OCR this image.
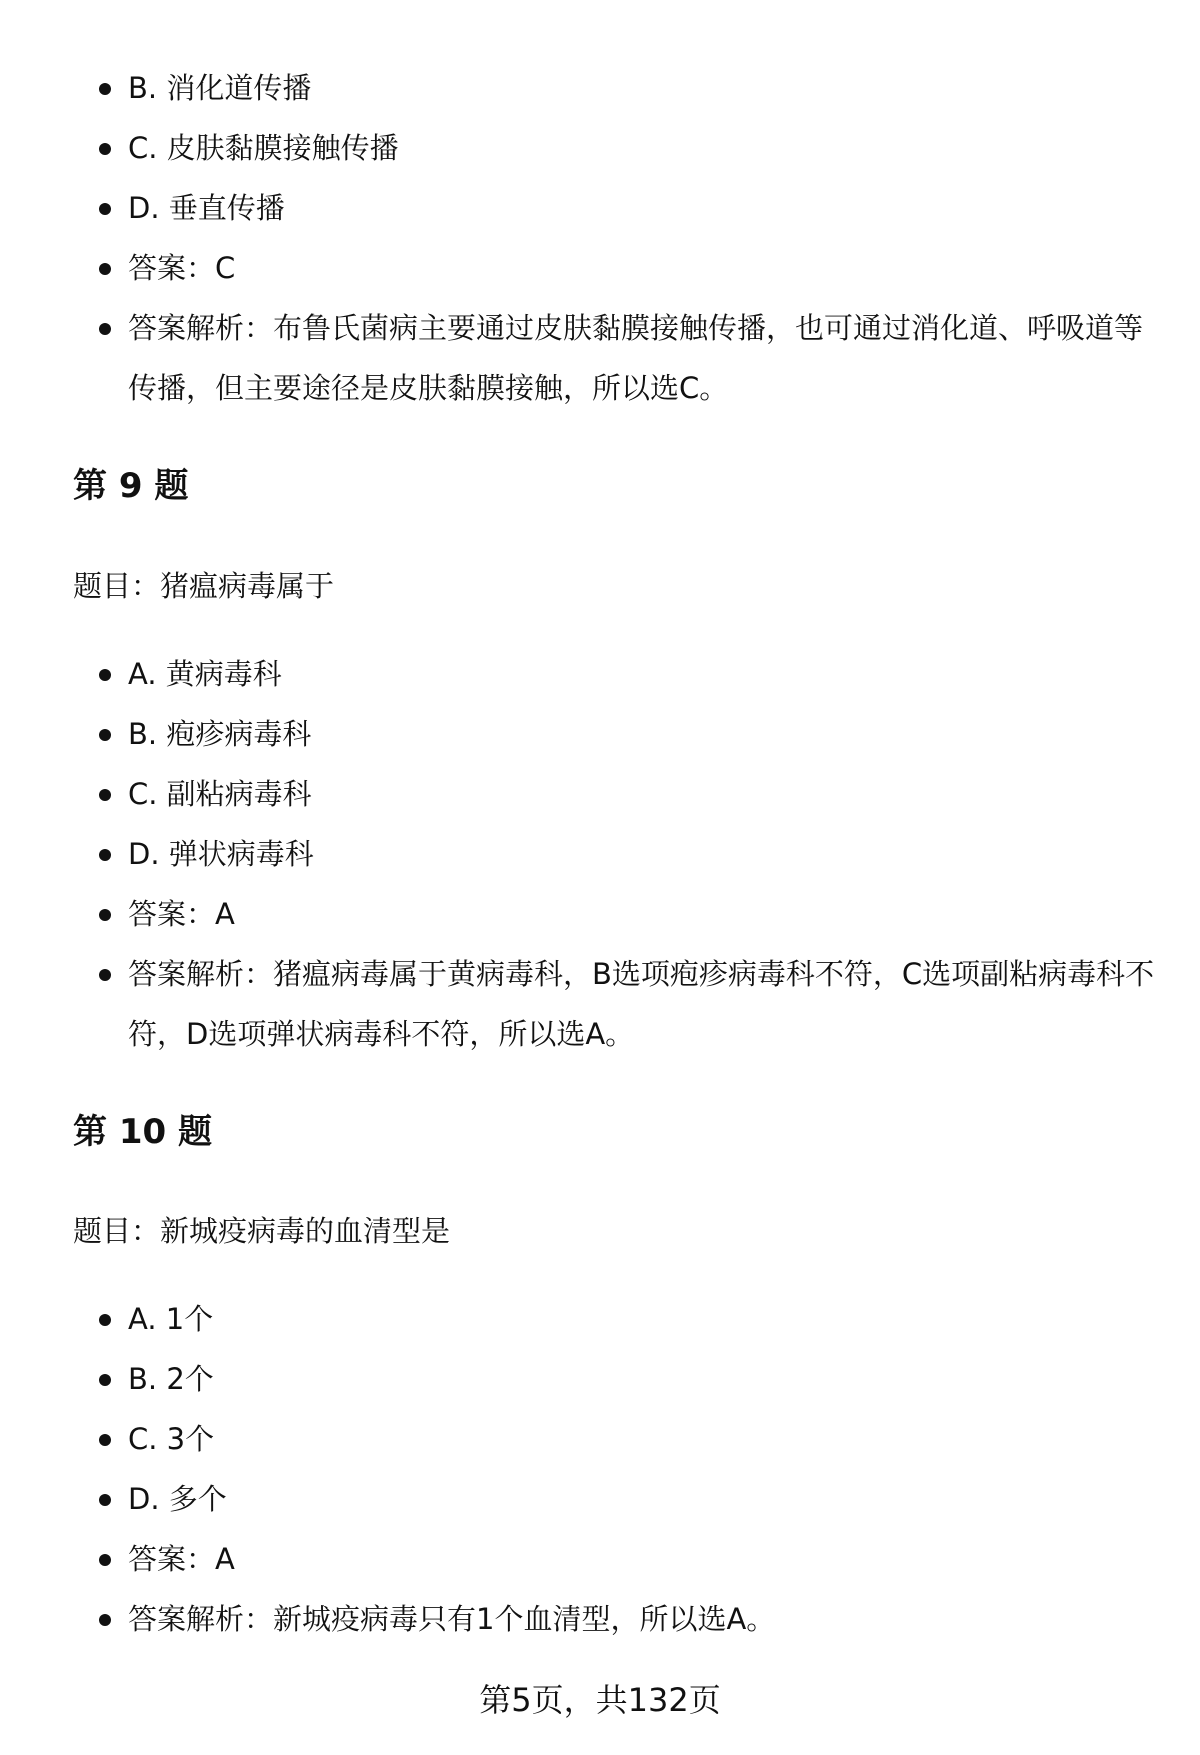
B. 消化道传播
C. 皮肤黏膜接触传播
D. 垂直传播
答案：C
答案解析：布鲁氏菌病主要通过皮肤黏膜接触传播，也可通过消化道、呼吸道等传播，但主要途径是皮肤黏膜接触，所以选C。
第 9 题

题目：猪瘟病毒属于

A. 黄病毒科
B. 疱疹病毒科
C. 副粘病毒科
D. 弹状病毒科
答案：A
答案解析：猪瘟病毒属于黄病毒科，B选项疱疹病毒科不符，C选项副粘病毒科不符，D选项弹状病毒科不符，所以选A。
第 10 题

题目：新城疫病毒的血清型是

A. 1个
B. 2个
C. 3个
D. 多个
答案：A
答案解析：新城疫病毒只有1个血清型，所以选A。
第5页，共132页
